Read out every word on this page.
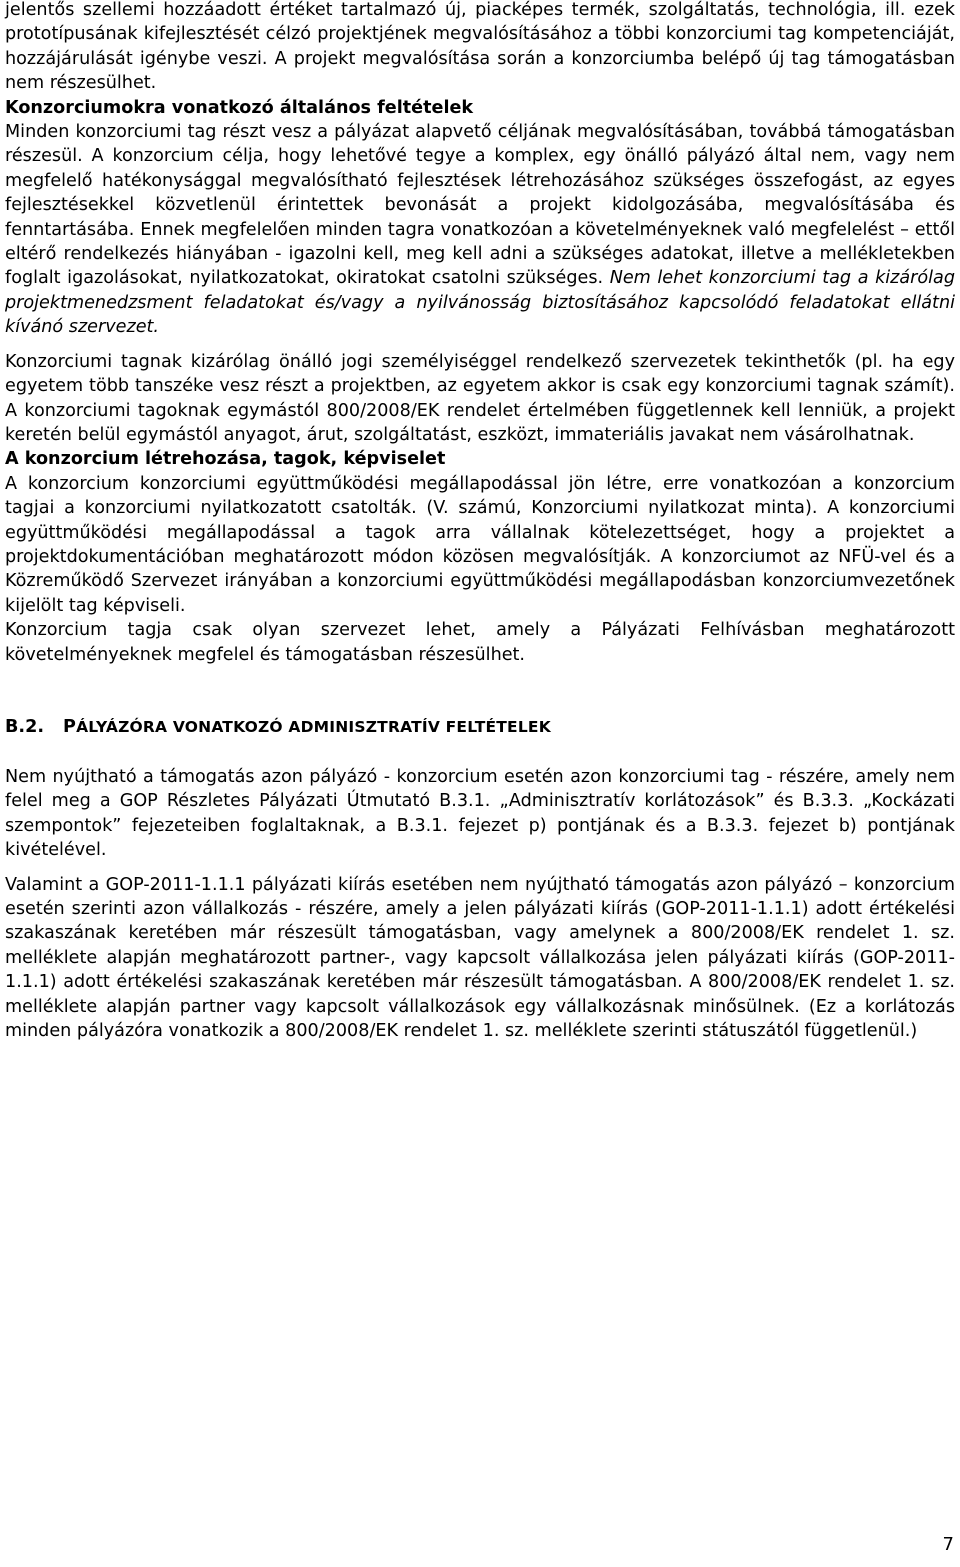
jelentős szellemi hozzáadott értéket tartalmazó új, piacképes termék, szolgáltatás, technológia, ill. ezek prototípusának kifejlesztését célzó projektjének megvalósításához a többi konzorciumi tag kompetenciáját, hozzájárulását igénybe veszi. A projekt megvalósítása során a konzorciumba belépő új tag támogatásban nem részesülhet.

Konzorciumokra vonatkozó általános feltételek

Minden konzorciumi tag részt vesz a pályázat alapvető céljának megvalósításában, továbbá támogatásban részesül. A konzorcium célja, hogy lehetővé tegye a komplex, egy önálló pályázó által nem, vagy nem megfelelő hatékonysággal megvalósítható fejlesztések létrehozásához szükséges összefogást, az egyes fejlesztésekkel közvetlenül érintettek bevonását a projekt kidolgozásába, megvalósításába és fenntartásába. Ennek megfelelően minden tagra vonatkozóan a követelményeknek való megfelelést – ettől eltérő rendelkezés hiányában - igazolni kell, meg kell adni a szükséges adatokat, illetve a mellékletekben foglalt igazolásokat, nyilatkozatokat, okiratokat csatolni szükséges. Nem lehet konzorciumi tag a kizárólag projektmenedzsment feladatokat és/vagy a nyilvánosság biztosításához kapcsolódó feladatokat ellátni kívánó szervezet.

Konzorciumi tagnak kizárólag önálló jogi személyiséggel rendelkező szervezetek tekinthetők (pl. ha egy egyetem több tanszéke vesz részt a projektben, az egyetem akkor is csak egy konzorciumi tagnak számít). A konzorciumi tagoknak egymástól 800/2008/EK rendelet értelmében függetlennek kell lenniük, a projekt keretén belül egymástól anyagot, árut, szolgáltatást, eszközt, immateriális javakat nem vásárolhatnak.

A konzorcium létrehozása, tagok, képviselet

A konzorcium konzorciumi együttműködési megállapodással jön létre, erre vonatkozóan a konzorcium tagjai a konzorciumi nyilatkozatott csatolták. (V. számú, Konzorciumi nyilatkozat minta). A konzorciumi együttműködési megállapodással a tagok arra vállalnak kötelezettséget, hogy a projektet a projektdokumentációban meghatározott módon közösen megvalósítják. A konzorciumot az NFÜ-vel és a Közreműködő Szervezet irányában a konzorciumi együttműködési megállapodásban konzorciumvezetőnek kijelölt tag képviseli.

Konzorcium tagja csak olyan szervezet lehet, amely a Pályázati Felhívásban meghatározott követelményeknek megfelel és támogatásban részesülhet.

B.2.	PÁLYÁZÓRA VONATKOZÓ ADMINISZTRATÍV FELTÉTELEK

Nem nyújtható a támogatás azon pályázó - konzorcium esetén azon konzorciumi tag - részére, amely nem felel meg a GOP Részletes Pályázati Útmutató B.3.1. „Adminisztratív korlátozások” és B.3.3. „Kockázati szempontok” fejezeteiben foglaltaknak, a B.3.1. fejezet p) pontjának és a B.3.3. fejezet b) pontjának kivételével.

Valamint a GOP-2011-1.1.1 pályázati kiírás esetében nem nyújtható támogatás azon pályázó – konzorcium esetén szerinti azon vállalkozás - részére, amely a jelen pályázati kiírás (GOP-2011-1.1.1) adott értékelési szakaszának keretében már részesült támogatásban, vagy amelynek a 800/2008/EK rendelet 1. sz. melléklete alapján meghatározott partner-, vagy kapcsolt vállalkozása jelen pályázati kiírás (GOP-2011-1.1.1) adott értékelési szakaszának keretében már részesült támogatásban. A 800/2008/EK rendelet 1. sz. melléklete alapján partner vagy kapcsolt vállalkozások egy vállalkozásnak minősülnek. (Ez a korlátozás minden pályázóra vonatkozik a 800/2008/EK rendelet 1. sz. melléklete szerinti státuszától függetlenül.)

7
